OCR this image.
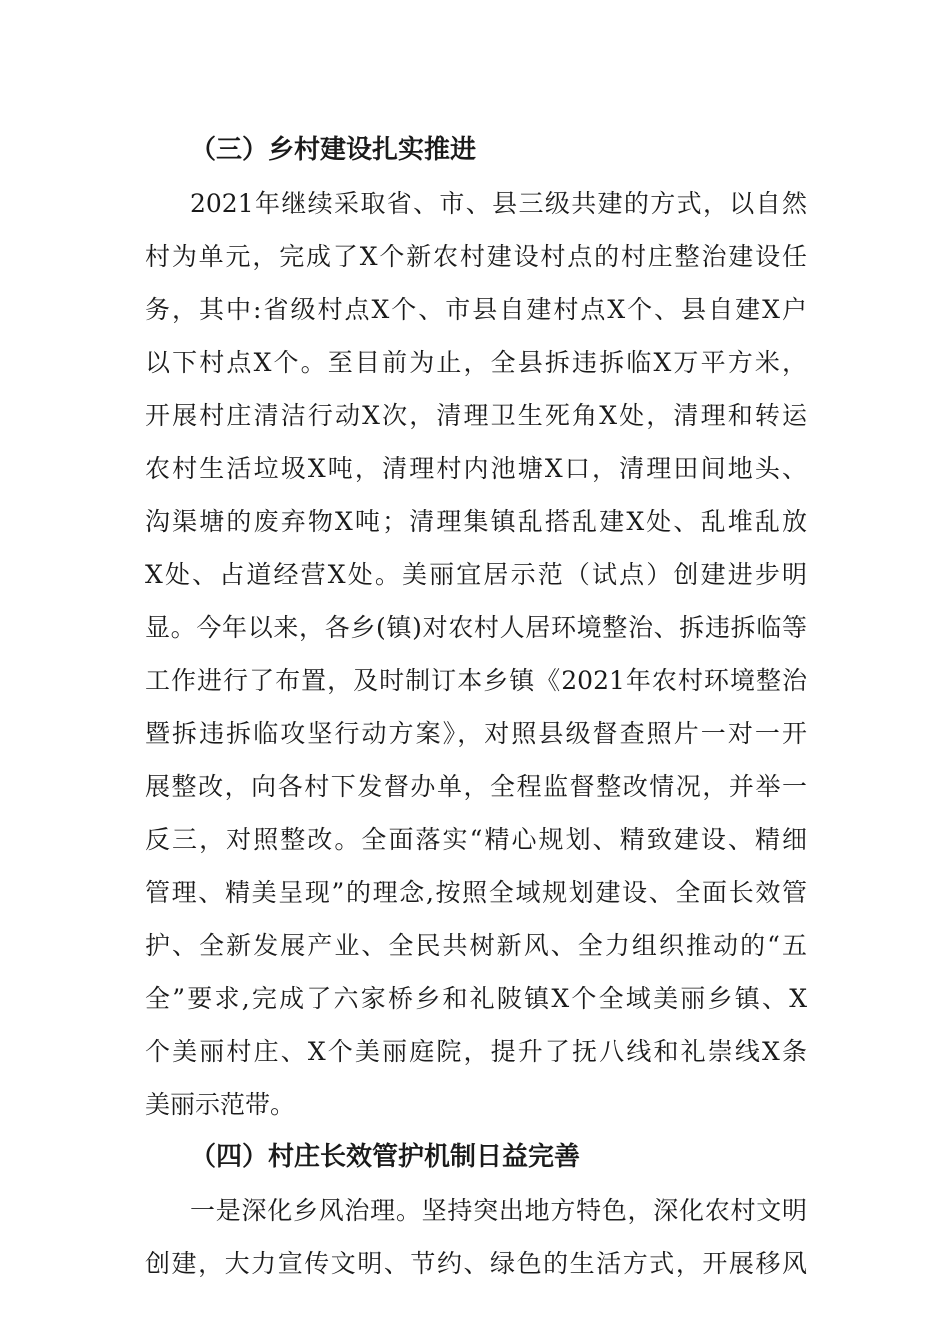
（三）乡村建设扎实推进
2021年继续采取省、市、县三级共建的方式，以自然
村为单元，完成了X个新农村建设村点的村庄整治建设任
务，其中:省级村点X个、市县自建村点X个、县自建X户
以下村点X个。至目前为止，全县拆违拆临X万平方米，
开展村庄清洁行动X次，清理卫生死角X处，清理和转运
农村生活垃圾X吨，清理村内池塘X口，清理田间地头、
沟渠塘的废弃物X吨；清理集镇乱搭乱建X处、乱堆乱放
X处、占道经营X处。美丽宜居示范（试点）创建进步明
显。今年以来，各乡(镇)对农村人居环境整治、拆违拆临等
工作进行了布置，及时制订本乡镇《2021年农村环境整治
暨拆违拆临攻坚行动方案》，对照县级督查照片一对一开
展整改，向各村下发督办单，全程监督整改情况，并举一
反三，对照整改。全面落实“精心规划、精致建设、精细
管理、精美呈现”的理念,按照全域规划建设、全面长效管
护、全新发展产业、全民共树新风、全力组织推动的“五
全”要求,完成了六家桥乡和礼陂镇X个全域美丽乡镇、X
个美丽村庄、X个美丽庭院，提升了抚八线和礼崇线X条
美丽示范带。
（四）村庄长效管护机制日益完善
一是深化乡风治理。坚持突出地方特色，深化农村文明
创建，大力宣传文明、节约、绿色的生活方式，开展移风
